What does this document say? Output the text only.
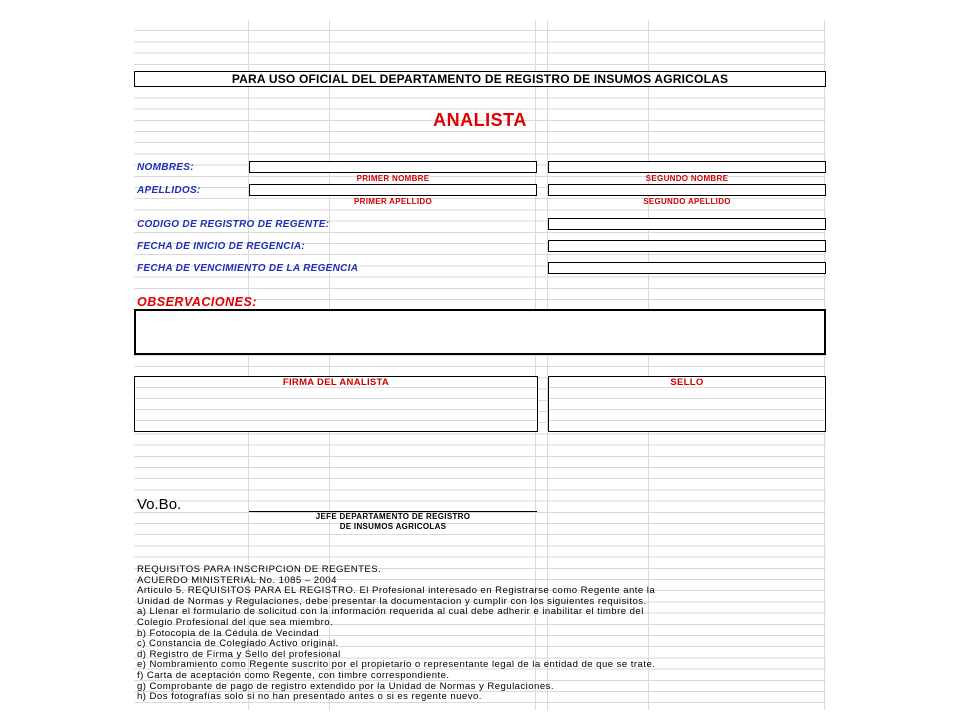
PARA USO OFICIAL DEL DEPARTAMENTO DE REGISTRO DE INSUMOS AGRICOLAS
ANALISTA
NOMBRES:
PRIMER NOMBRE	SEGUNDO NOMBRE
APELLIDOS:
PRIMER APELLIDO	SEGUNDO APELLIDO
CODIGO DE REGISTRO DE REGENTE:
FECHA DE INICIO DE REGENCIA:
FECHA DE VENCIMIENTO DE LA REGENCIA
OBSERVACIONES:
FIRMA DEL ANALISTA	SELLO
Vo.Bo.
JEFE DEPARTAMENTO DE REGISTRO
DE INSUMOS AGRICOLAS
REQUISITOS PARA INSCRIPCION DE REGENTES.
ACUERDO MINISTERIAL No. 1085 – 2004
Articulo 5. REQUISITOS PARA EL REGISTRO. El Profesional interesado en Registrarse como Regente ante la
Unidad de Normas y Regulaciones, debe presentar la documentacion y cumplir con los siguientes requisitos.
a) Llenar el formulario de solicitud con la información requerida al cual debe adherir e inabilitar el timbre del
Colegio Profesional del que sea miembro.
b) Fotocopia de la Cédula de Vecindad
c) Constancia de Colegiado Activo original.
d) Registro de Firma y Sello del profesional
e) Nombramiento como Regente suscrito por el propietario o representante legal de la entidad de que se trate.
f) Carta de aceptación como Regente, con timbre correspondiente.
g) Comprobante de pago de registro extendido por la Unidad de Normas y Regulaciones.
h) Dos fotografías solo si no han presentado antes o si es regente nuevo.
